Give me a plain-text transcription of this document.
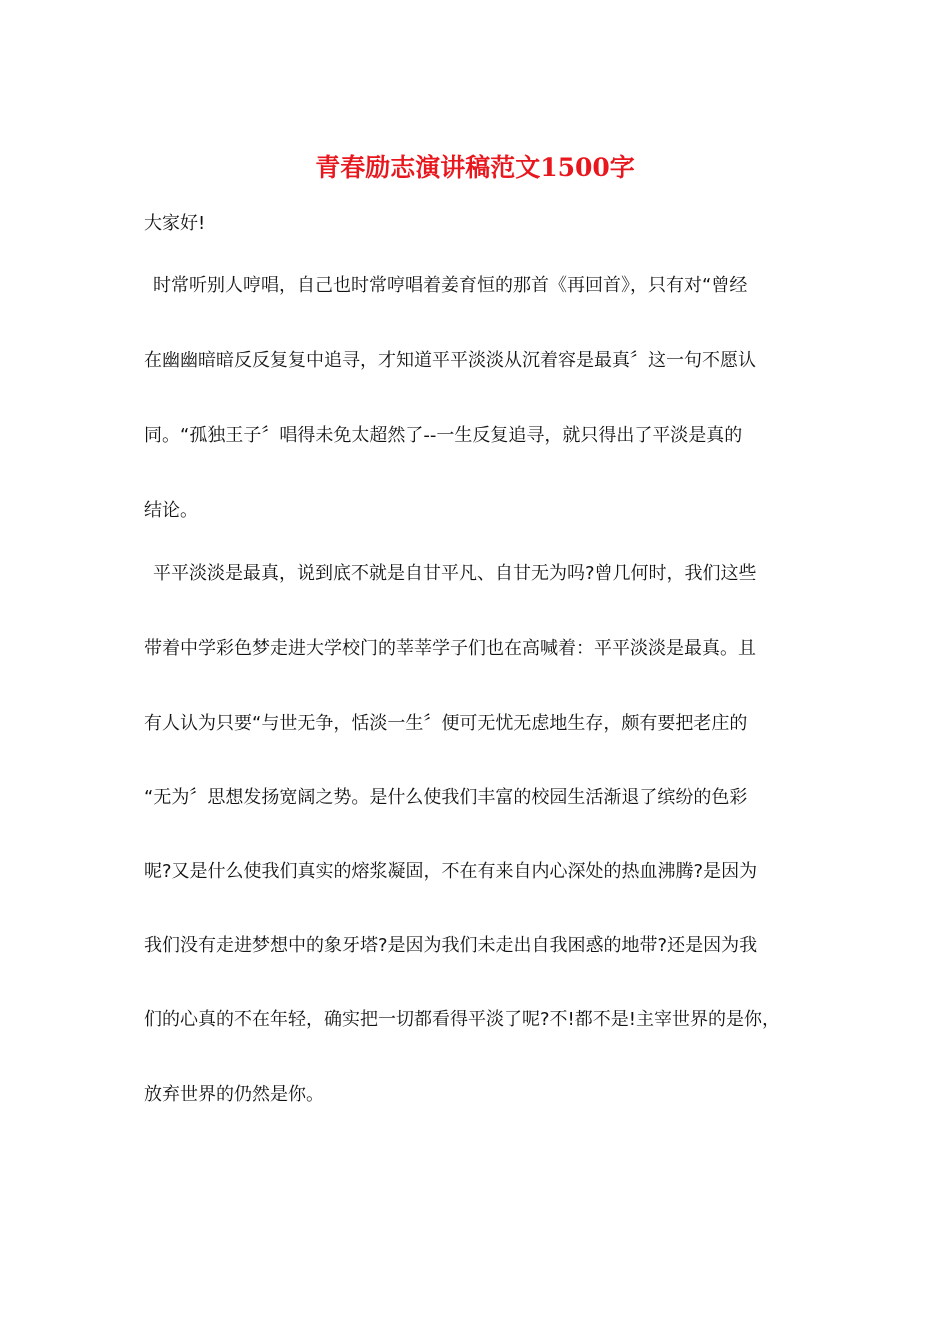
青春励志演讲稿范文1500字
大家好!
时常听别人哼唱，自己也时常哼唱着姜育恒的那首《再回首》，只有对“曾经
在幽幽暗暗反反复复中追寻，才知道平平淡淡从沉着容是最真〞这一句不愿认
同。“孤独王子〞唱得未免太超然了--一生反复追寻，就只得出了平淡是真的
结论。
平平淡淡是最真，说到底不就是自甘平凡、自甘无为吗?曾几何时，我们这些
带着中学彩色梦走进大学校门的莘莘学子们也在高喊着：平平淡淡是最真。且
有人认为只要“与世无争，恬淡一生〞便可无忧无虑地生存，颇有要把老庄的
“无为〞思想发扬宽阔之势。是什么使我们丰富的校园生活渐退了缤纷的色彩
呢?又是什么使我们真实的熔浆凝固，不在有来自内心深处的热血沸腾?是因为
我们没有走进梦想中的象牙塔?是因为我们未走出自我困惑的地带?还是因为我
们的心真的不在年轻，确实把一切都看得平淡了呢?不!都不是!主宰世界的是你，
放弃世界的仍然是你。
